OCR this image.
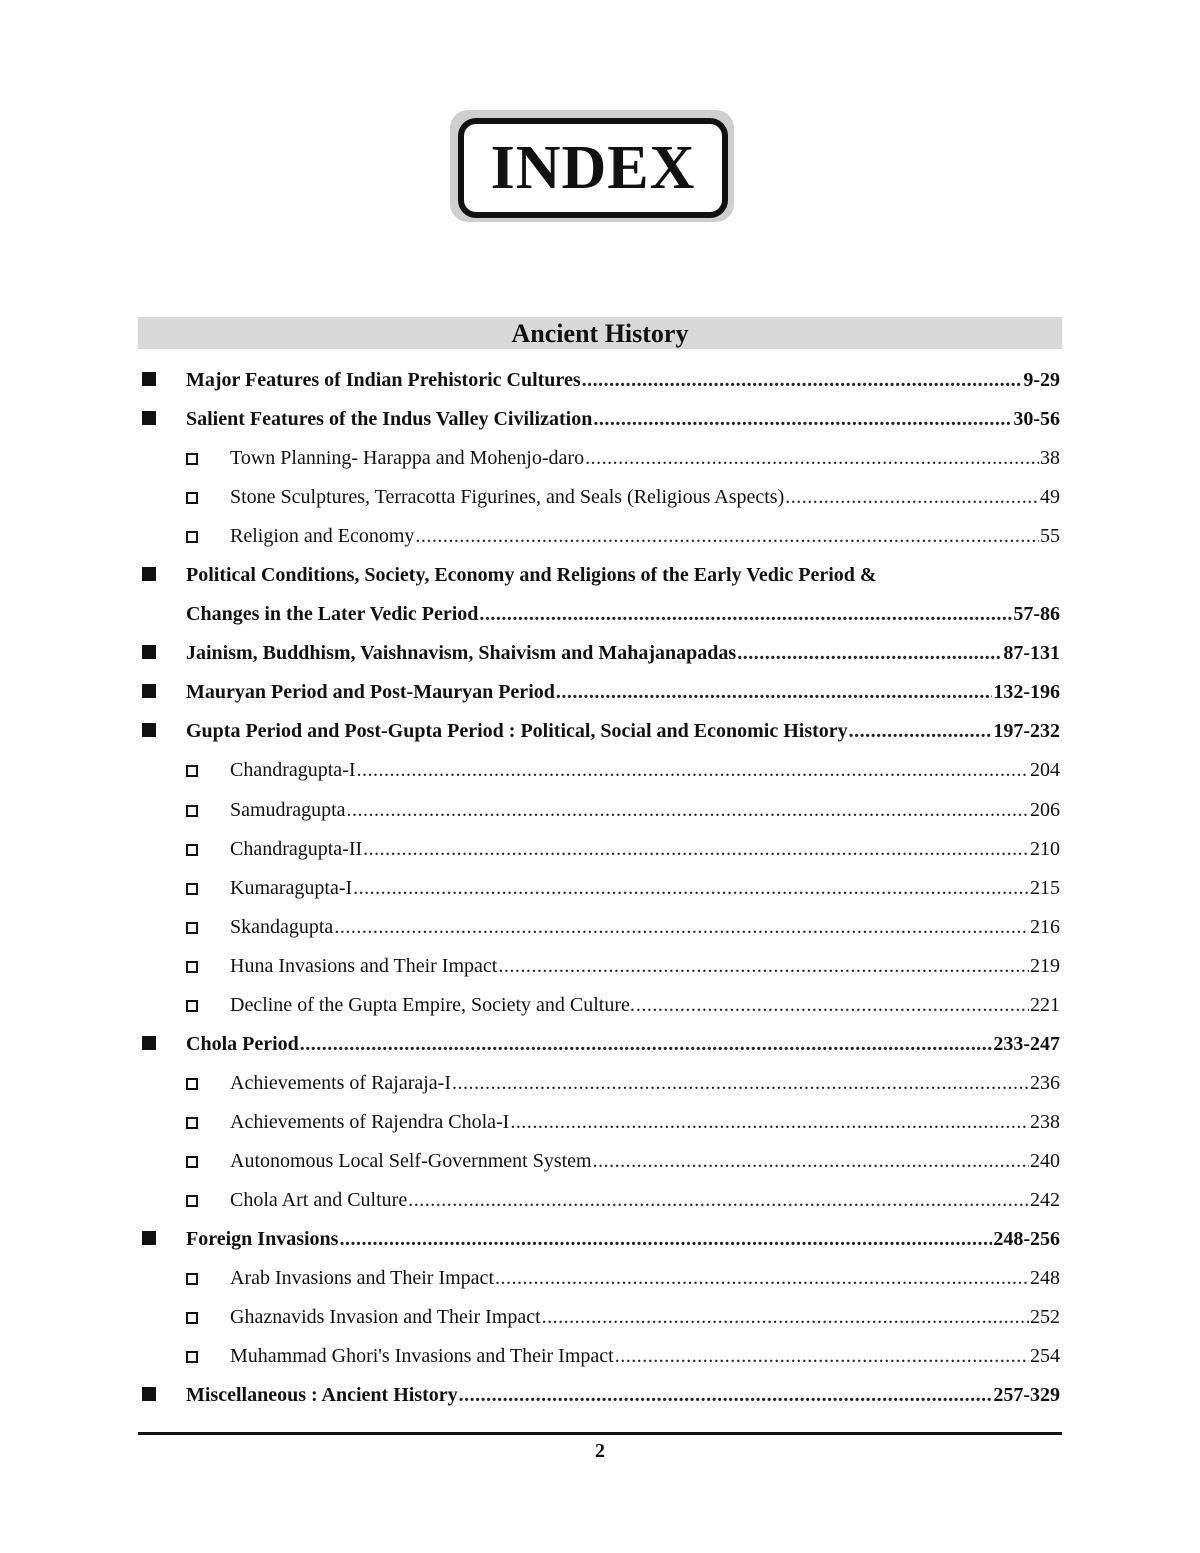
INDEX
Ancient History
Major Features of Indian Prehistoric Cultures .....	9-29
Salient Features of the Indus Valley Civilization .....	30-56
Town Planning- Harappa and Mohenjo-daro .....	38
Stone Sculptures, Terracotta Figurines, and Seals (Religious Aspects) .....	49
Religion and Economy .....	55
Political Conditions, Society, Economy and Religions of the Early Vedic Period &
Changes in the Later Vedic Period .....	57-86
Jainism, Buddhism, Vaishnavism, Shaivism and Mahajanapadas .....	87-131
Mauryan Period and Post-Mauryan Period .....	132-196
Gupta Period and Post-Gupta Period : Political, Social and Economic History .....	197-232
Chandragupta-I .....	204
Samudragupta .....	206
Chandragupta-II .....	210
Kumaragupta-I .....	215
Skandagupta .....	216
Huna Invasions and Their Impact .....	219
Decline of the Gupta Empire, Society and Culture. .....	221
Chola Period .....	233-247
Achievements of Rajaraja-I .....	236
Achievements of Rajendra Chola-I .....	238
Autonomous Local Self-Government System .....	240
Chola Art and Culture .....	242
Foreign Invasions .....	248-256
Arab Invasions and Their Impact .....	248
Ghaznavids Invasion and Their Impact .....	252
Muhammad Ghori's Invasions and Their Impact .....	254
Miscellaneous : Ancient History .....	257-329
2
